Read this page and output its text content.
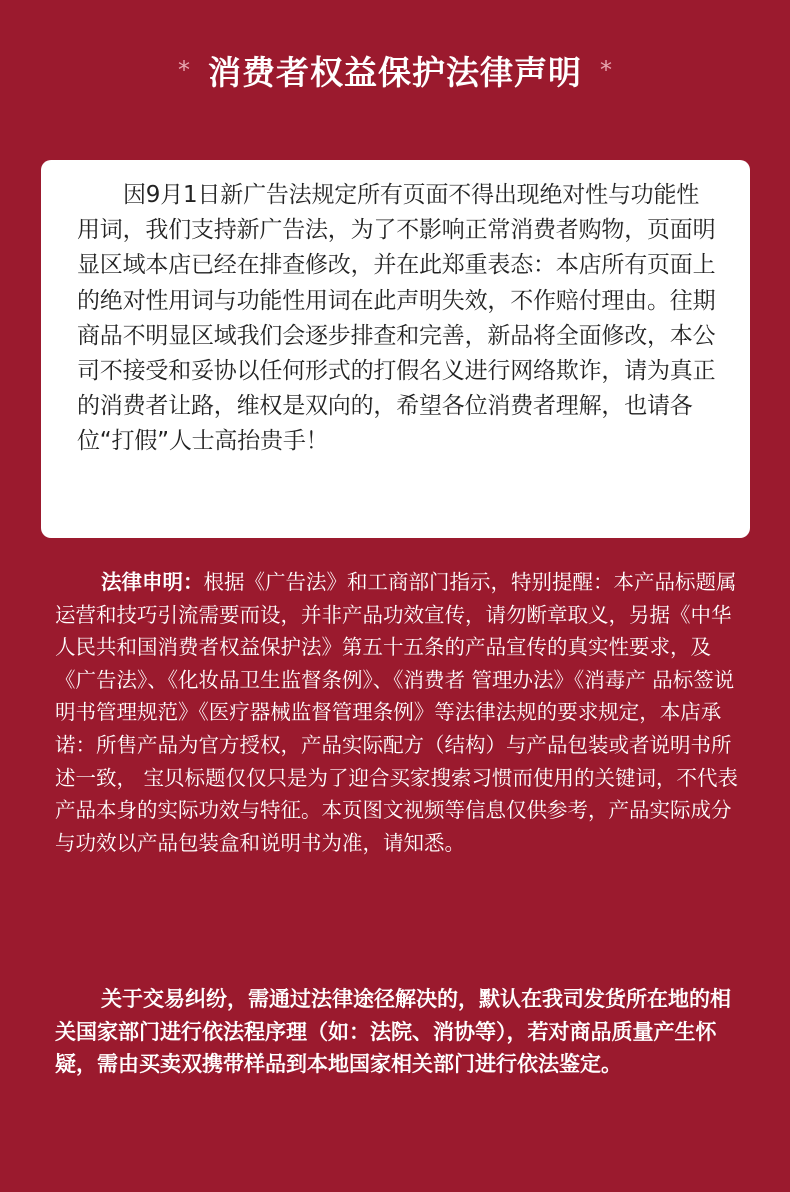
* 消费者权益保护法律声明 *
因9月1日新广告法规定所有页面不得出现绝对性与功能性用词，我们支持新广告法，为了不影响正常消费者购物，页面明显区域本店已经在排查修改，并在此郑重表态：本店所有页面上的绝对性用词与功能性用词在此声明失效，不作赔付理由。往期商品不明显区域我们会逐步排查和完善，新品将全面修改，本公司不接受和妥协以任何形式的打假名义进行网络欺诈，请为真正的消费者让路，维权是双向的，希望各位消费者理解，也请各位“打假”人士高抬贵手！
法律申明：根据《广告法》和工商部门指示，特别提醒：本产品标题属运营和技巧引流需要而设，并非产品功效宣传，请勿断章取义，另据《中华人民共和国消费者权益保护法》第五十五条的产品宣传的真实性要求，及《广告法》、《化妆品卫生监督条例》、《消费者 管理办法》《消毒产 品标签说明书管理规范》《医疗器械监督管理条例》等法律法规的要求规定，本店承诺：所售产品为官方授权，产品实际配方（结构）与产品包装或者说明书所述一致， 宝贝标题仅仅只是为了迎合买家搜索习惯而使用的关键词，不代表产品本身的实际功效与特征。本页图文视频等信息仅供参考，产品实际成分与功效以产品包装盒和说明书为准，请知悉。
关于交易纠纷，需通过法律途径解决的，默认在我司发货所在地的相关国家部门进行依法程序理（如：法院、消协等），若对商品质量产生怀疑，需由买卖双携带样品到本地国家相关部门进行依法鉴定。
